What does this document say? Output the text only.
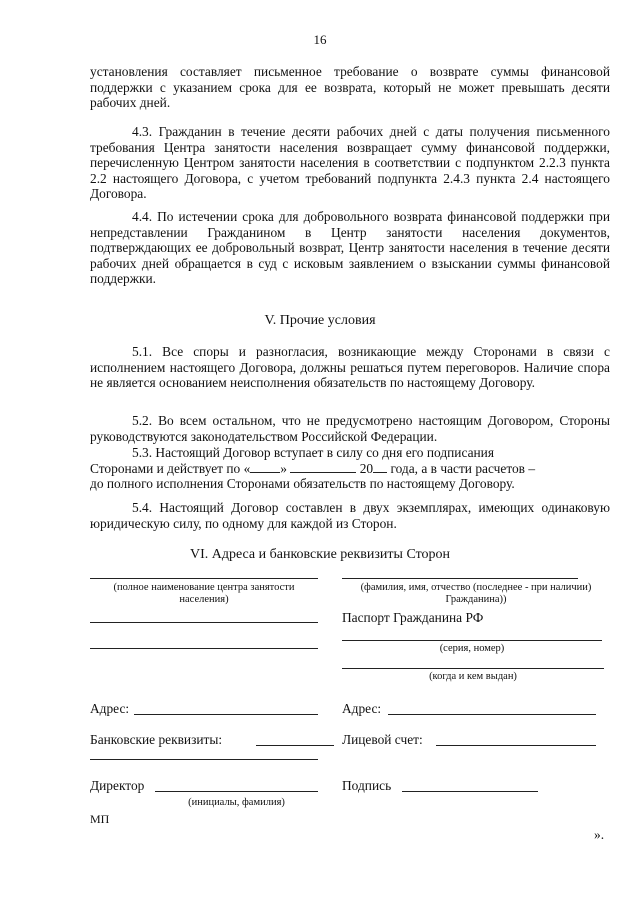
16
установления составляет письменное требование о возврате суммы финансовой поддержки с указанием срока для ее возврата, который не может превышать десяти рабочих дней.
4.3. Гражданин в течение десяти рабочих дней с даты получения письменного требования Центра занятости населения возвращает сумму финансовой поддержки, перечисленную Центром занятости населения в соответствии с подпунктом 2.2.3 пункта 2.2 настоящего Договора, с учетом требований подпункта 2.4.3 пункта 2.4 настоящего Договора.
4.4. По истечении срока для добровольного возврата финансовой поддержки при непредставлении Гражданином в Центр занятости населения документов, подтверждающих ее добровольный возврат, Центр занятости населения в течение десяти рабочих дней обращается в суд с исковым заявлением о взыскании суммы финансовой поддержки.
V. Прочие условия
5.1. Все споры и разногласия, возникающие между Сторонами в связи с исполнением настоящего Договора, должны решаться путем переговоров. Наличие спора не является основанием неисполнения обязательств по настоящему Договору.
5.2. Во всем остальном, что не предусмотрено настоящим Договором, Стороны руководствуются законодательством Российской Федерации.
5.3. Настоящий Договор вступает в силу со дня его подписания
Сторонами и действует по « »	20 года, а в части расчетов –
до полного исполнения Сторонами обязательств по настоящему Договору.
5.4. Настоящий Договор составлен в двух экземплярах, имеющих одинаковую юридическую силу, по одному для каждой из Сторон.
VI. Адреса и банковские реквизиты Сторон
(полное наименование центра занятости населения)
Адрес:
Банковские реквизиты:
Директор
(инициалы, фамилия)
МП
(фамилия, имя, отчество (последнее - при наличии) Гражданина))
Паспорт Гражданина РФ
(серия, номер)
(когда и кем выдан)
Адрес:
Лицевой счет:
Подпись
».
